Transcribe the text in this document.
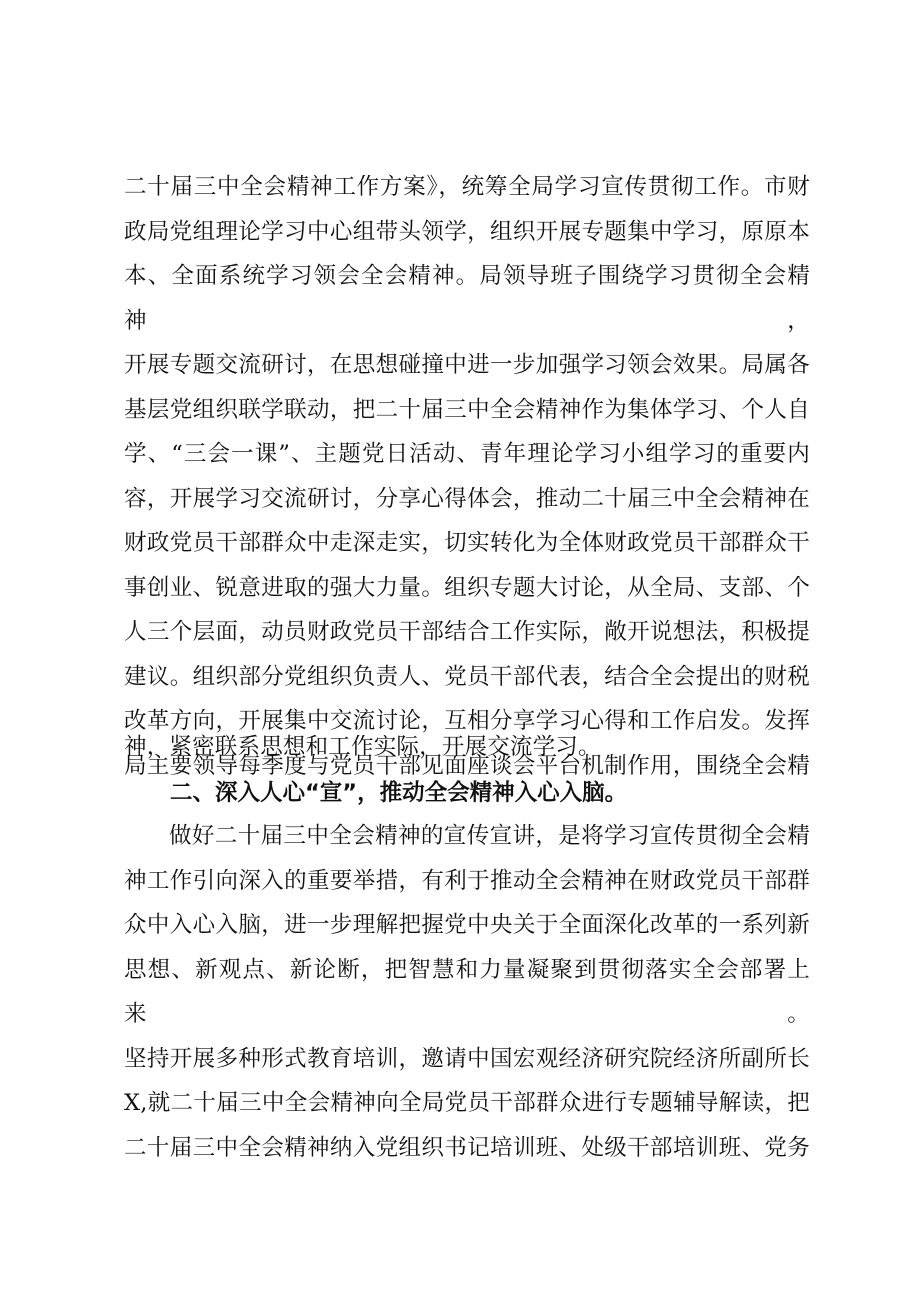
二十届三中全会精神工作方案》，统筹全局学习宣传贯彻工作。市财
政局党组理论学习中心组带头领学，组织开展专题集中学习，原原本
本、全面系统学习领会全会精神。局领导班子围绕学习贯彻全会精神，
开展专题交流研讨，在思想碰撞中进一步加强学习领会效果。局属各
基层党组织联学联动，把二十届三中全会精神作为集体学习、个人自
学、“三会一课”、主题党日活动、青年理论学习小组学习的重要内
容，开展学习交流研讨，分享心得体会，推动二十届三中全会精神在
财政党员干部群众中走深走实，切实转化为全体财政党员干部群众干
事创业、锐意进取的强大力量。组织专题大讨论，从全局、支部、个
人三个层面，动员财政党员干部结合工作实际，敞开说想法，积极提
建议。组织部分党组织负责人、党员干部代表，结合全会提出的财税
改革方向，开展集中交流讨论，互相分享学习心得和工作启发。发挥
局主要领导每季度与党员干部见面座谈会平台机制作用，围绕全会精
神，紧密联系思想和工作实际，开展交流学习。
二、深入人心“宣”，推动全会精神入心入脑。
做好二十届三中全会精神的宣传宣讲，是将学习宣传贯彻全会精
神工作引向深入的重要举措，有利于推动全会精神在财政党员干部群
众中入心入脑，进一步理解把握党中央关于全面深化改革的一系列新
思想、新观点、新论断，把智慧和力量凝聚到贯彻落实全会部署上来。
坚持开展多种形式教育培训，邀请中国宏观经济研究院经济所副所长
X,就二十届三中全会精神向全局党员干部群众进行专题辅导解读，把
二十届三中全会精神纳入党组织书记培训班、处级干部培训班、党务
